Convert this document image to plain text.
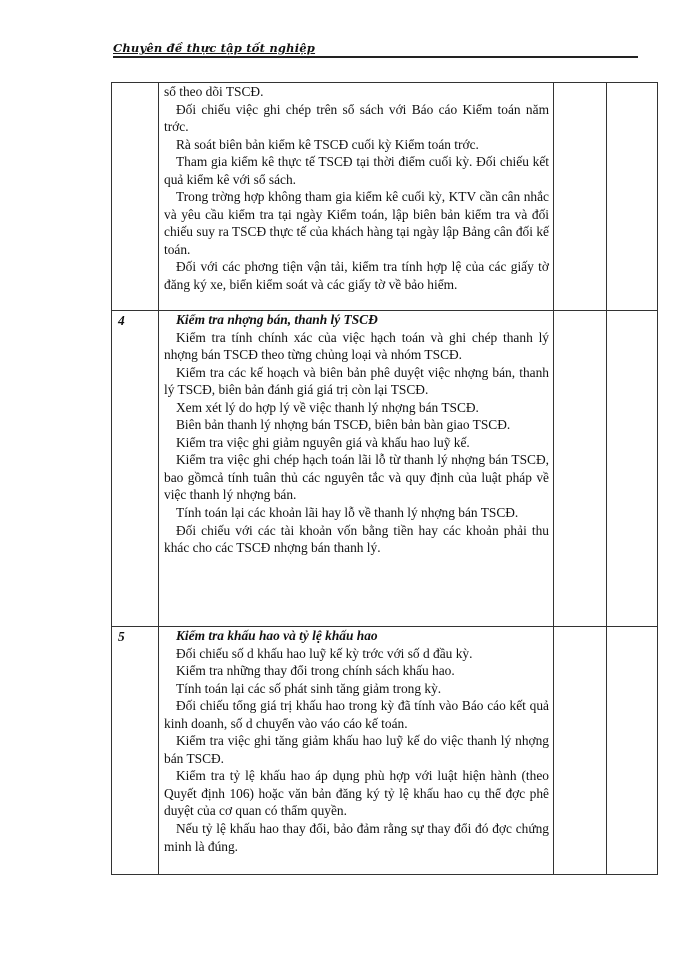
Chuyên đề thực tập tốt nghiệp

sổ theo dõi TSCĐ.

Đối chiếu việc ghi chép trên sổ sách với Báo cáo Kiểm toán năm trớc.

Rà soát biên bản kiểm kê TSCĐ cuối kỳ Kiểm toán trớc.

Tham gia kiểm kê thực tế TSCĐ tại thời điểm cuối kỳ. Đối chiếu kết quả kiểm kê với sổ sách.

Trong trờng hợp không tham gia kiểm kê cuối kỳ, KTV cần cân nhắc và yêu cầu kiểm tra tại ngày Kiểm toán, lập biên bản kiểm tra và đối chiếu suy ra TSCĐ thực tế của khách hàng tại ngày lập Bảng cân đối kế toán.

Đối với các phơng tiện vận tải, kiểm tra tính hợp lệ của các giấy tờ đăng ký xe, biển kiểm soát và các giấy tờ về bảo hiểm.

4	Kiểm tra nhợng bán, thanh lý TSCĐ

Kiểm tra tính chính xác của việc hạch toán và ghi chép thanh lý nhợng bán TSCĐ theo từng chủng loại và nhóm TSCĐ.

Kiểm tra các kế hoạch và biên bản phê duyệt việc nhợng bán, thanh lý TSCĐ, biên bản đánh giá giá trị còn lại TSCĐ.

Xem xét lý do hợp lý về việc thanh lý nhợng bán TSCĐ.

Biên bản thanh lý nhợng bán TSCĐ, biên bản bàn giao TSCĐ.

Kiểm tra việc ghi giảm nguyên giá và khấu hao luỹ kế.

Kiểm tra việc ghi chép hạch toán lãi lỗ từ thanh lý nhợng bán TSCĐ, bao gồmcả tính tuân thủ các nguyên tắc và quy định của luật pháp về việc thanh lý nhợng bán.

Tính toán lại các khoản lãi hay lỗ về thanh lý nhợng bán TSCĐ.

Đối chiếu với các tài khoản vốn bằng tiền hay các khoản phải thu khác cho các TSCĐ nhợng bán thanh lý.

5	Kiểm tra khấu hao và tỷ lệ khấu hao

Đối chiếu số d khấu hao luỹ kế kỳ trớc với số d đầu kỳ.

Kiểm tra những thay đổi trong chính sách khấu hao.

Tính toán lại các số phát sinh tăng giảm trong kỳ.

Đối chiếu tổng giá trị khấu hao trong kỳ đã tính vào Báo cáo kết quả kinh doanh, số d chuyển vào váo cáo kế toán.

Kiểm tra việc ghi tăng giảm khấu hao luỹ kế do việc thanh lý nhợng bán TSCĐ.

Kiểm tra tỷ lệ khấu hao áp dụng phù hợp với luật hiện hành (theo Quyết định 106) hoặc văn bản đăng ký tỷ lệ khấu hao cụ thể đợc phê duyệt của cơ quan có thẩm quyền.

Nếu tỷ lệ khấu hao thay đổi, bảo đảm rằng sự thay đổi đó đợc chứng minh là đúng.
